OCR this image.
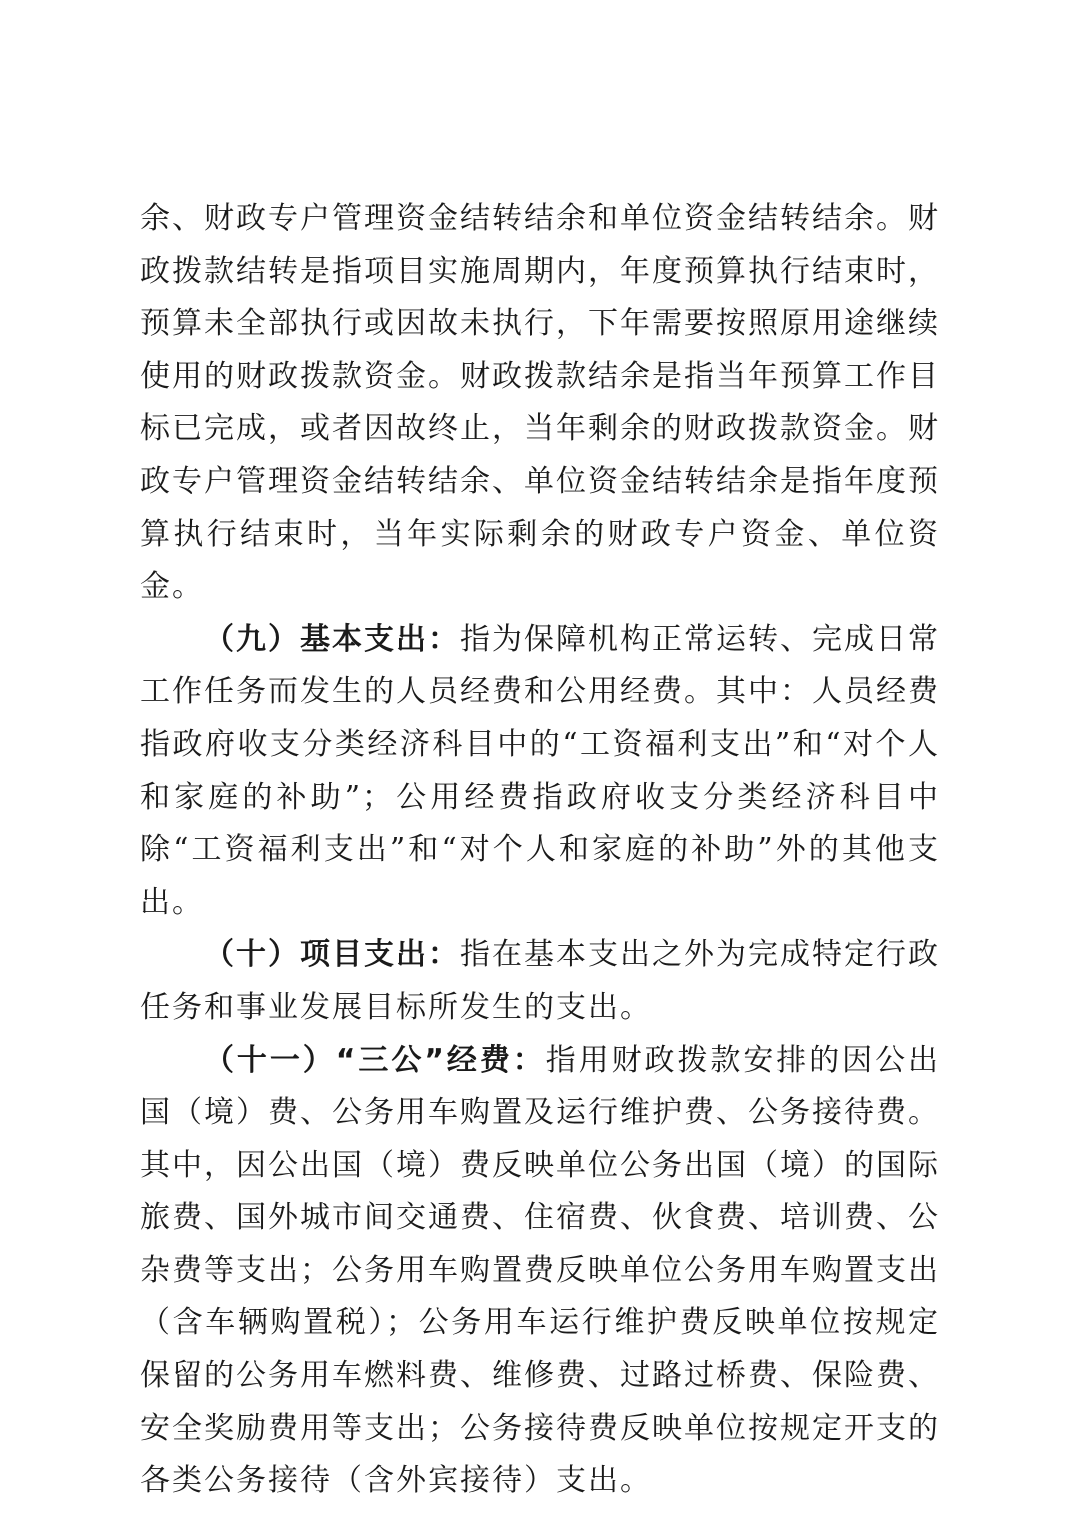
余、财政专户管理资金结转结余和单位资金结转结余。财政拨款结转是指项目实施周期内，年度预算执行结束时，预算未全部执行或因故未执行，下年需要按照原用途继续使用的财政拨款资金。财政拨款结余是指当年预算工作目标已完成，或者因故终止，当年剩余的财政拨款资金。财政专户管理资金结转结余、单位资金结转结余是指年度预算执行结束时，当年实际剩余的财政专户资金、单位资金。

（九）基本支出：指为保障机构正常运转、完成日常工作任务而发生的人员经费和公用经费。其中：人员经费指政府收支分类经济科目中的“工资福利支出”和“对个人和家庭的补助”；公用经费指政府收支分类经济科目中除“工资福利支出”和“对个人和家庭的补助”外的其他支出。

（十）项目支出：指在基本支出之外为完成特定行政任务和事业发展目标所发生的支出。

（十一）“三公”经费：指用财政拨款安排的因公出国（境）费、公务用车购置及运行维护费、公务接待费。其中，因公出国（境）费反映单位公务出国（境）的国际旅费、国外城市间交通费、住宿费、伙食费、培训费、公杂费等支出；公务用车购置费反映单位公务用车购置支出（含车辆购置税）；公务用车运行维护费反映单位按规定保留的公务用车燃料费、维修费、过路过桥费、保险费、安全奖励费用等支出；公务接待费反映单位按规定开支的各类公务接待（含外宾接待）支出。
